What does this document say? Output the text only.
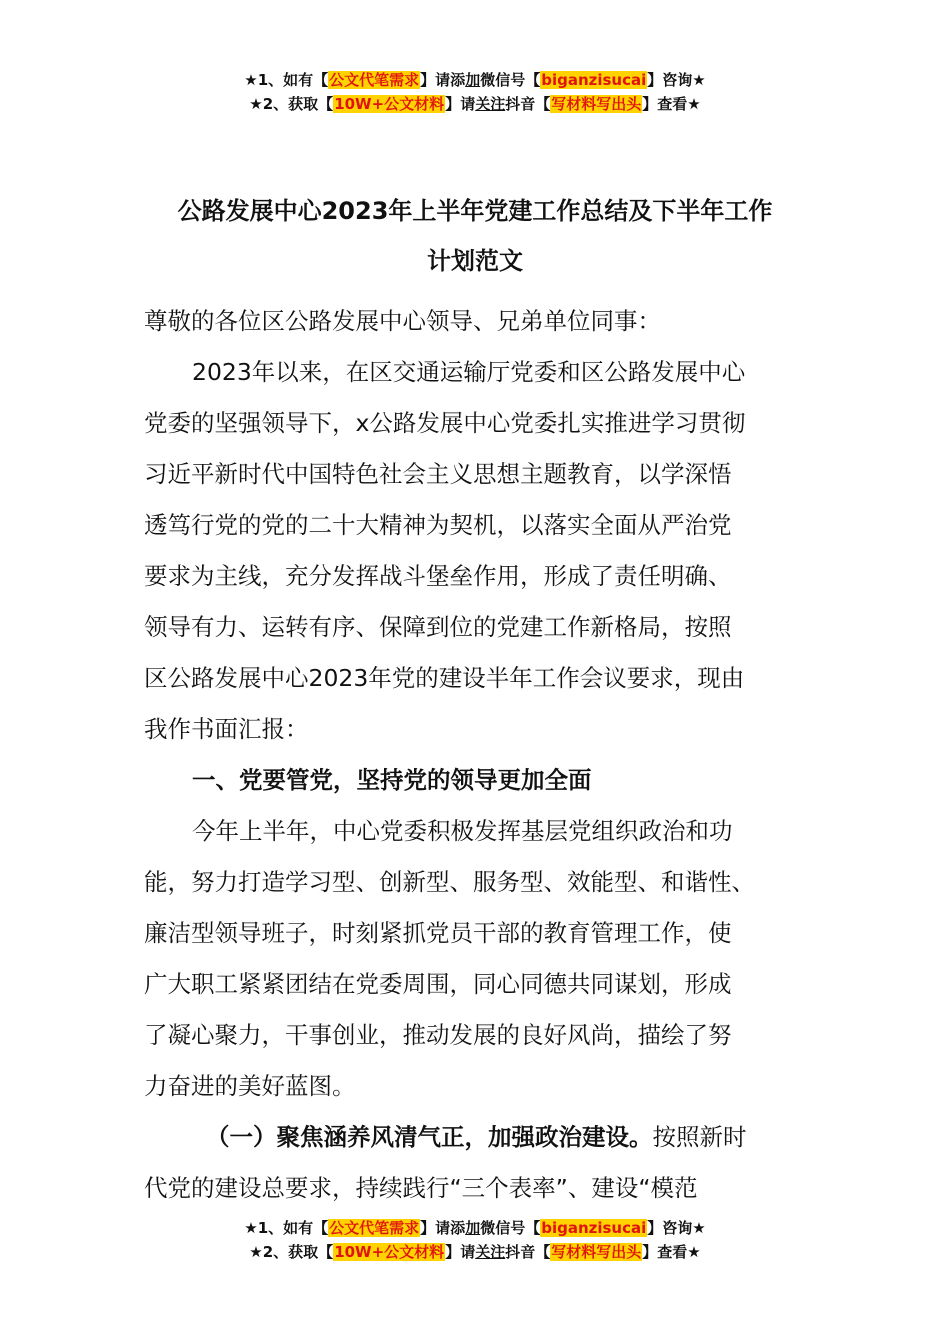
★1、如有【公文代笔需求】请添加微信号【biganzisucai】咨询★
★2、获取【10W+公文材料】请关注抖音【写材料写出头】查看★
公路发展中心2023年上半年党建工作总结及下半年工作
计划范文
尊敬的各位区公路发展中心领导、兄弟单位同事：
2023年以来，在区交通运输厅党委和区公路发展中心
党委的坚强领导下，x公路发展中心党委扎实推进学习贯彻
习近平新时代中国特色社会主义思想主题教育，以学深悟
透笃行党的党的二十大精神为契机，以落实全面从严治党
要求为主线，充分发挥战斗堡垒作用，形成了责任明确、
领导有力、运转有序、保障到位的党建工作新格局，按照
区公路发展中心2023年党的建设半年工作会议要求，现由
我作书面汇报：
一、党要管党，坚持党的领导更加全面
今年上半年，中心党委积极发挥基层党组织政治和功
能，努力打造学习型、创新型、服务型、效能型、和谐性、
廉洁型领导班子，时刻紧抓党员干部的教育管理工作，使
广大职工紧紧团结在党委周围，同心同德共同谋划，形成
了凝心聚力，干事创业，推动发展的良好风尚，描绘了努
力奋进的美好蓝图。
（一）聚焦涵养风清气正，加强政治建设。按照新时
代党的建设总要求，持续践行“三个表率”、建设“模范
★1、如有【公文代笔需求】请添加微信号【biganzisucai】咨询★
★2、获取【10W+公文材料】请关注抖音【写材料写出头】查看★
